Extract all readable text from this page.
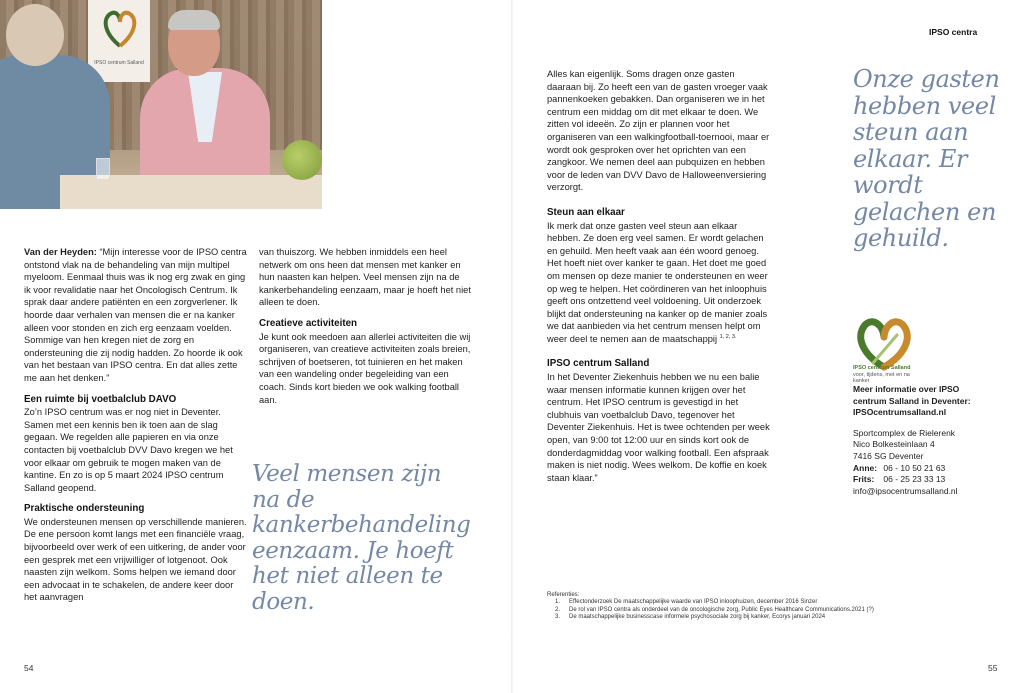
IPSO centrum Salland

Van der Heyden: “Mijn interesse voor de IPSO centra ontstond vlak na de behandeling van mijn multipel myeloom. Eenmaal thuis was ik nog erg zwak en ging ik voor revalidatie naar het Oncologisch Centrum. Ik sprak daar andere patiënten en een zorgverlener. Ik hoorde daar verhalen van mensen die er na kanker alleen voor stonden en zich erg eenzaam voelden. Sommige van hen kregen niet de zorg en ondersteuning die zij nodig hadden. Zo hoorde ik ook van het bestaan van IPSO centra. En dat alles zette me aan het denken.”

Een ruimte bij voetbalclub DAVO

Zo’n IPSO centrum was er nog niet in Deventer. Samen met een kennis ben ik toen aan de slag gegaan. We regelden alle papieren en via onze contacten bij voetbalclub DVV Davo kregen we het voor elkaar om gebruik te mogen maken van de kantine. En zo is op 5 maart 2024 IPSO centrum Salland geopend.

Praktische ondersteuning

We ondersteunen mensen op verschillende manieren. De ene persoon komt langs met een financiële vraag, bijvoorbeeld over werk of een uitkering, de ander voor een gesprek met een vrijwilliger of lotgenoot. Ook naasten zijn welkom. Soms helpen we iemand door een advocaat in te schakelen, de andere keer door het aanvragen

van thuiszorg. We hebben inmiddels een heel netwerk om ons heen dat mensen met kanker en hun naasten kan helpen. Veel mensen zijn na de kankerbehandeling eenzaam, maar je hoeft het niet alleen te doen.

Creatieve activiteiten

Je kunt ook meedoen aan allerlei activiteiten die wij organiseren, van creatieve activiteiten zoals breien, schrijven of boetseren, tot tuinieren en het maken van een wandeling onder begeleiding van een coach. Sinds kort bieden we ook walking football aan.

Veel mensen zijn na de kankerbehandeling eenzaam. Je hoeft het niet alleen te doen.
54
IPSO centra

Alles kan eigenlijk. Soms dragen onze gasten daaraan bij. Zo heeft een van de gasten vroeger vaak pannenkoeken gebakken. Dan organiseren we in het centrum een middag om dit met elkaar te doen. We zitten vol ideeën. Zo zijn er plannen voor het organiseren van een walkingfootball-toernooi, maar er wordt ook gesproken over het oprichten van een zangkoor. We nemen deel aan pubquizen en hebben voor de leden van DVV Davo de Halloweenversiering verzorgt.

Steun aan elkaar

Ik merk dat onze gasten veel steun aan elkaar hebben. Ze doen erg veel samen. Er wordt gelachen en gehuild. Men heeft vaak aan één woord genoeg. Het hoeft niet over kanker te gaan. Het doet me goed om mensen op deze manier te ondersteunen en weer op weg te helpen. Het coördineren van het inloophuis geeft ons ontzettend veel voldoening. Uit onderzoek blijkt dat ondersteuning na kanker op de manier zoals we dat aanbieden via het centrum mensen helpt om weer deel te nemen aan de maatschappij $^{1, 2, 3.}$

IPSO centrum Salland

In het Deventer Ziekenhuis hebben we nu een balie waar mensen informatie kunnen krijgen over het centrum. Het IPSO centrum is gevestigd in het clubhuis van voetbalclub Davo, tegenover het Deventer Ziekenhuis. Het is twee ochtenden per week open, van 9:00 tot 12:00 uur en sinds kort ook de donderdagmiddag voor walking football. Een afspraak maken is niet nodig. Wees welkom. De koffie en koek staan klaar.”

Onze gasten hebben veel steun aan elkaar. Er wordt gelachen en gehuild.
IPSO centrum Salland
voor, tijdens, met en na kanker
Meer informatie over IPSO
centrum Salland in Deventer:
IPSOcentrumsalland.nl
Sportcomplex de Rielerenk
Nico Bolkesteinlaan 4
7416 SG Deventer
Anne: 06 - 10 50 21 63
Frits: 06 - 25 23 33 13
info@ipsocentrumsalland.nl
Referenties:
1.	Effectonderzoek De maatschappelijke waarde van IPSO inloophuizen, december 2016 Sinzer
2.	De rol van IPSO centra als onderdeel van de oncologische zorg, Public Eyes Healthcare Communications.2021 (?)
3.	De maatschappelijke businesscase informele psychosociale zorg bij kanker, Ecorys januari 2024
55
